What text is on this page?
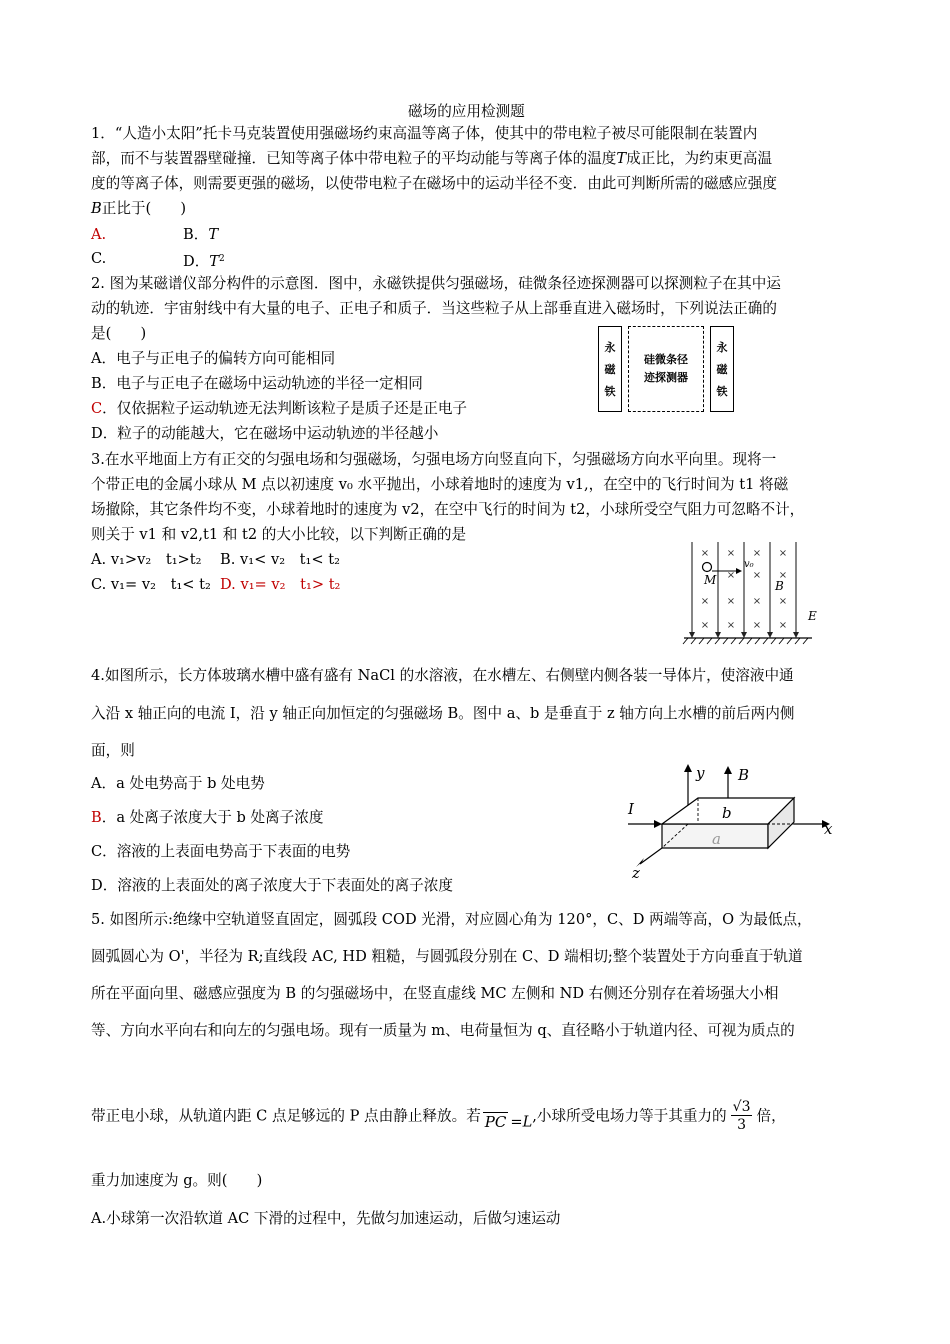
磁场的应用检测题
1．“人造小太阳”托卡马克装置使用强磁场约束高温等离子体，使其中的带电粒子被尽可能限制在装置内
部，而不与装置器壁碰撞．已知等离子体中带电粒子的平均动能与等离子体的温度T成正比，为约束更高温
度的等离子体，则需要更强的磁场，以使带电粒子在磁场中的运动半径不变．由此可判断所需的磁感应强度
B正比于(　　)
A.	B．T
C.	D．$T^2$
2. 图为某磁谱仪部分构件的示意图．图中，永磁铁提供匀强磁场，硅微条径迹探测器可以探测粒子在其中运
动的轨迹．宇宙射线中有大量的电子、正电子和质子．当这些粒子从上部垂直进入磁场时，下列说法正确的
是(　　)
A．电子与正电子的偏转方向可能相同
B．电子与正电子在磁场中运动轨迹的半径一定相同
C．仅依据粒子运动轨迹无法判断该粒子是质子还是正电子
D．粒子的动能越大，它在磁场中运动轨迹的半径越小
永
磁
铁
硅微条径
迹探测器
永
磁
铁
3.在水平地面上方有正交的匀强电场和匀强磁场，匀强电场方向竖直向下，匀强磁场方向水平向里。现将一
个带正电的金属小球从 M 点以初速度 v₀ 水平抛出，小球着地时的速度为 v1,，在空中的飞行时间为 t1 将磁
场撤除，其它条件均不变，小球着地时的速度为 v2，在空中飞行的时间为 t2，小球所受空气阻力可忽略不计，
则关于 v1 和 v2,t1 和 t2 的大小比较，以下判断正确的是
A. v₁>v₂　t₁>t₂ B. v₁< v₂　t₁< t₂
C. v₁= v₂　t₁< t₂ D. v₁= v₂　t₁> t₂
× × × ×
× × ×
× × × ×
× × × ×
M
v₀
B
E
4.如图所示，长方体玻璃水槽中盛有盛有 NaCl 的水溶液，在水槽左、右侧壁内侧各装一导体片，使溶液中通
入沿 x 轴正向的电流 I，沿 y 轴正向加恒定的匀强磁场 B。图中 a、b 是垂直于 z 轴方向上水槽的前后两内侧
面，则
A．a 处电势高于 b 处电势
B．a 处离子浓度大于 b 处离子浓度
C．溶液的上表面电势高于下表面的电势
D．溶液的上表面处的离子浓度大于下表面处的离子浓度
y B
I	b
a
x
z
5. 如图所示:绝缘中空轨道竖直固定，圆弧段 COD 光滑，对应圆心角为 120°，C、D 两端等高，O 为最低点，
圆弧圆心为 O'，半径为 R;直线段 AC, HD 粗糙，与圆弧段分别在 C、D 端相切;整个装置处于方向垂直于轨道
所在平面向里、磁感应强度为 B 的匀强磁场中，在竖直虚线 MC 左侧和 ND 右侧还分别存在着场强大小相
等、方向水平向右和向左的匀强电场。现有一质量为 m、电荷量恒为 q、直径略小于轨道内径、可视为质点的
带正电小球，从轨道内距 C 点足够远的 P 点由静止释放。若 PC =L,小球所受电场力等于其重力的 $\frac{√3}{3}$ 倍，
重力加速度为 g。则(　　)
A.小球第一次沿软道 AC 下滑的过程中，先做匀加速运动，后做匀速运动
